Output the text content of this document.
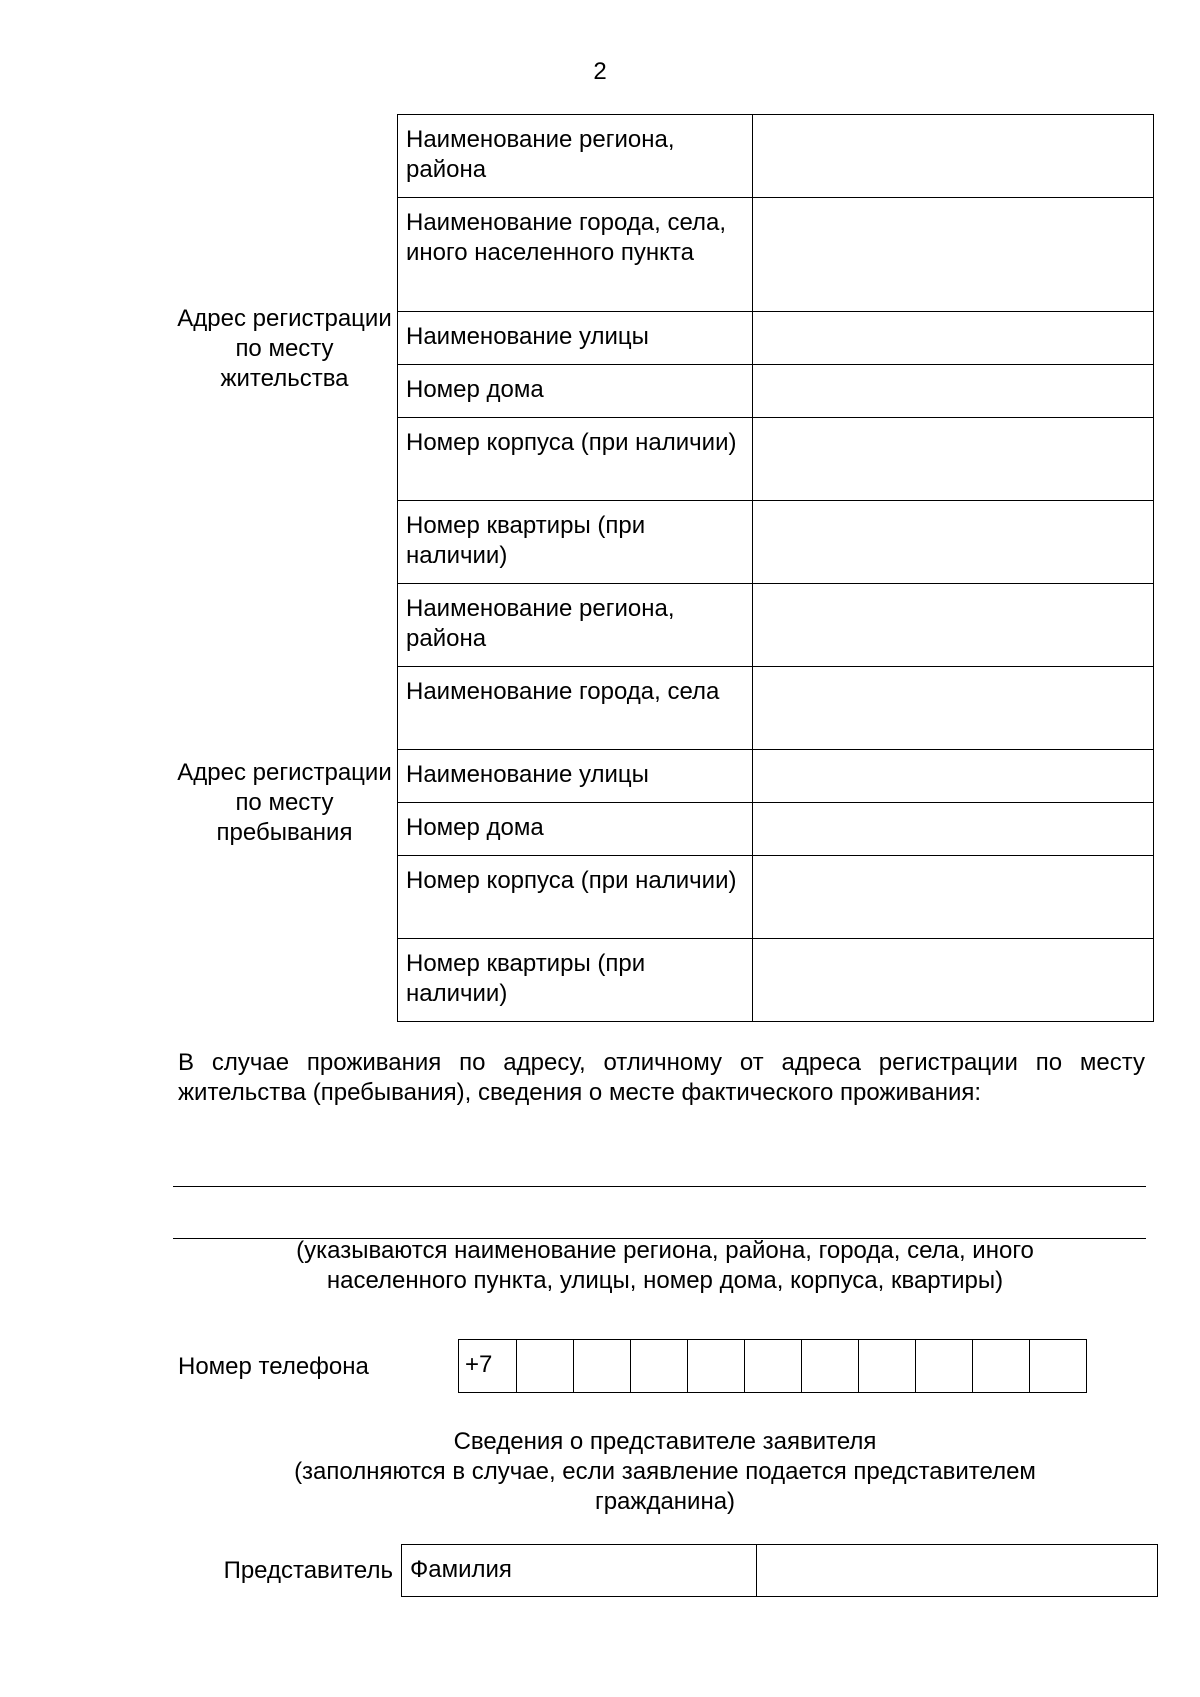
2
Адрес регистрации по месту жительства	Наименование региона, района	
	Наименование города, села, иного населенного пункта	
	Наименование улицы	
	Номер дома	
	Номер корпуса (при наличии)	
	Номер квартиры (при наличии)	
Адрес регистрации по месту пребывания	Наименование региона, района	
	Наименование города, села	
	Наименование улицы	
	Номер дома	
	Номер корпуса (при наличии)	
	Номер квартиры (при наличии)	
В случае проживания по адресу, отличному от адреса регистрации по месту жительства (пребывания), сведения о месте фактического проживания:
(указываются наименование региона, района, города, села, иного населенного пункта, улицы, номер дома, корпуса, квартиры)
Номер телефона	+7
Сведения о представителе заявителя
(заполняются в случае, если заявление подается представителем гражданина)
Представитель	Фамилия	
